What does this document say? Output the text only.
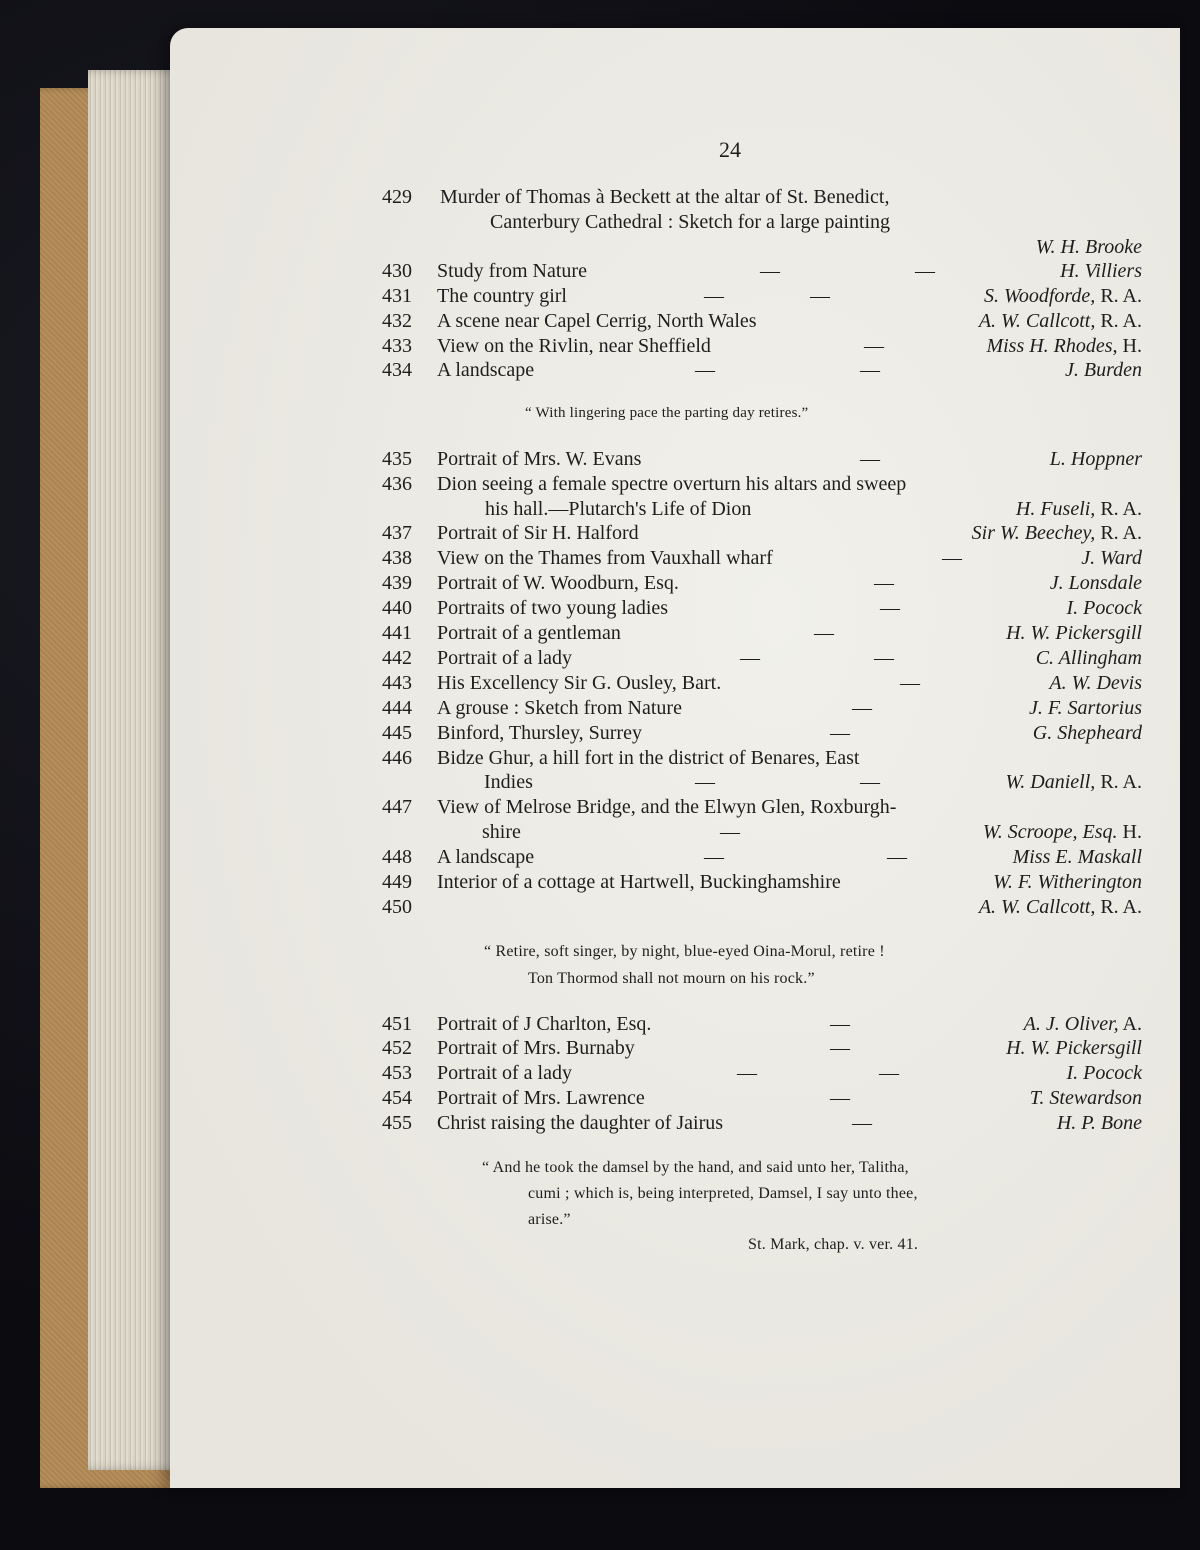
24
429	Murder of Thomas à Beckett at the altar of St. Benedict,
Canterbury Cathedral : Sketch for a large painting
W. H. Brooke
430	Study from Nature	—	—	H. Villiers
431	The country girl	—	—	S. Woodforde, R. A.
432	A scene near Capel Cerrig, North Wales	A. W. Callcott, R. A.
433	View on the Rivlin, near Sheffield	—	Miss H. Rhodes, H.
434	A landscape	—	—	J. Burden
“ With lingering pace the parting day retires.”
435	Portrait of Mrs. W. Evans	—	L. Hoppner
436	Dion seeing a female spectre overturn his altars and sweep
his hall.—Plutarch's Life of Dion	H. Fuseli, R. A.
437	Portrait of Sir H. Halford	Sir W. Beechey, R. A.
438	View on the Thames from Vauxhall wharf	—	J. Ward
439	Portrait of W. Woodburn, Esq.	—	J. Lonsdale
440	Portraits of two young ladies	—	I. Pocock
441	Portrait of a gentleman	—	H. W. Pickersgill
442	Portrait of a lady	—	—	C. Allingham
443	His Excellency Sir G. Ousley, Bart.	—	A. W. Devis
444	A grouse : Sketch from Nature	—	J. F. Sartorius
445	Binford, Thursley, Surrey	—	G. Shepheard
446	Bidze Ghur, a hill fort in the district of Benares, East
Indies	—	—	W. Daniell, R. A.
447	View of Melrose Bridge, and the Elwyn Glen, Roxburgh-
shire	—	W. Scroope, Esq. H.
448	A landscape	—	—	Miss E. Maskall
449	Interior of a cottage at Hartwell, Buckinghamshire	W. F. Witherington
450	A. W. Callcott, R. A.
“ Retire, soft singer, by night, blue-eyed Oina-Morul, retire !
Ton Thormod shall not mourn on his rock.”
451	Portrait of J Charlton, Esq.	—	A. J. Oliver, A.
452	Portrait of Mrs. Burnaby	—	H. W. Pickersgill
453	Portrait of a lady	—	—	I. Pocock
454	Portrait of Mrs. Lawrence	—	T. Stewardson
455	Christ raising the daughter of Jairus	—	H. P. Bone
“ And he took the damsel by the hand, and said unto her, Talitha,
cumi ; which is, being interpreted, Damsel, I say unto thee,
arise.”
St. Mark, chap. v. ver. 41.
